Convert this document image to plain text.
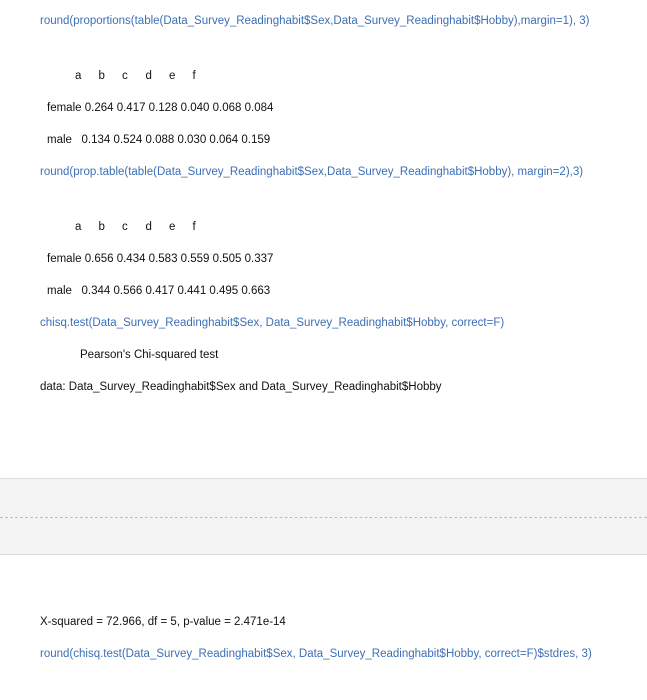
round(proportions(table(Data_Survey_Readinghabit$Sex,Data_Survey_Readinghabit$Hobby),margin=1), 3)
a b c d e f
female 0.264 0.417 0.128 0.040 0.068 0.084
male 0.134 0.524 0.088 0.030 0.064 0.159
round(prop.table(table(Data_Survey_Readinghabit$Sex,Data_Survey_Readinghabit$Hobby), margin=2),3)
a b c d e f
female 0.656 0.434 0.583 0.559 0.505 0.337
male 0.344 0.566 0.417 0.441 0.495 0.663
chisq.test(Data_Survey_Readinghabit$Sex, Data_Survey_Readinghabit$Hobby, correct=F)
Pearson's Chi-squared test
data: Data_Survey_Readinghabit$Sex and Data_Survey_Readinghabit$Hobby
X-squared = 72.966, df = 5, p-value = 2.471e-14
round(chisq.test(Data_Survey_Readinghabit$Sex, Data_Survey_Readinghabit$Hobby, correct=F)$stdres, 3)
